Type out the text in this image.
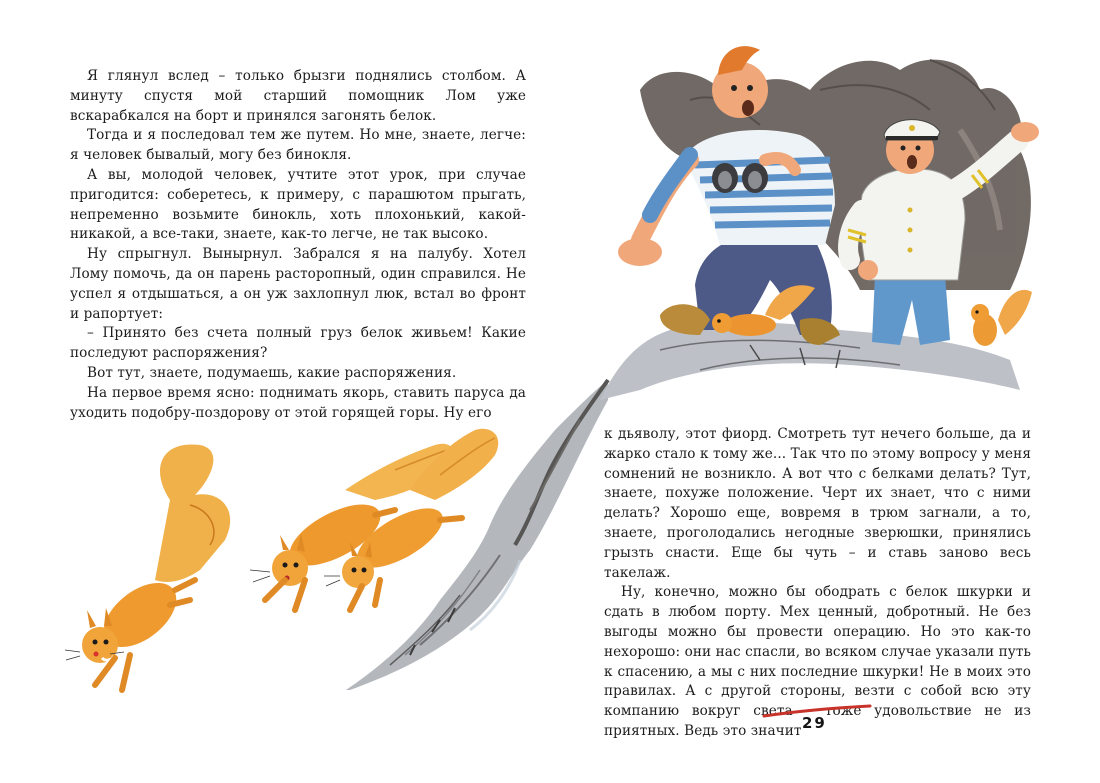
Я глянул вслед – только брызги поднялись столбом. А минуту спустя мой старший помощник Лом уже вскарабкался на борт и принялся загонять белок.

Тогда и я последовал тем же путем. Но мне, знаете, легче: я человек бывалый, могу без бинокля.

А вы, молодой человек, учтите этот урок, при случае пригодится: соберетесь, к примеру, с парашютом прыгать, непременно возьмите бинокль, хоть плохонький, какой-никакой, а все-таки, знаете, как-то легче, не так высоко.

Ну спрыгнул. Вынырнул. Забрался я на палубу. Хотел Лому помочь, да он парень расторопный, один справился. Не успел я отдышаться, а он уж захлопнул люк, встал во фронт и рапортует:

– Принято без счета полный груз белок живьем! Какие последуют распоряжения?

Вот тут, знаете, подумаешь, какие распоряжения.

На первое время ясно: поднимать якорь, ставить паруса да уходить подобру-поздорову от этой горящей горы. Ну его

к дьяволу, этот фиорд. Смотреть тут нечего больше, да и жарко стало к тому же... Так что по этому вопросу у меня сомнений не возникло. А вот что с белками делать? Тут, знаете, похуже положение. Черт их знает, что с ними делать? Хорошо еще, вовремя в трюм загнали, а то, знаете, проголодались негодные зверюшки, принялись грызть снасти. Еще бы чуть – и ставь заново весь такелаж.

Ну, конечно, можно бы ободрать с белок шкурки и сдать в любом порту. Мех ценный, добротный. Не без выгоды можно бы провести операцию. Но это как-то нехорошо: они нас спасли, во всяком случае указали путь к спасению, а мы с них последние шкурки! Не в моих это правилах. А с другой стороны, везти с собой всю эту компанию вокруг света – тоже удовольствие не из приятных. Ведь это значит 29
